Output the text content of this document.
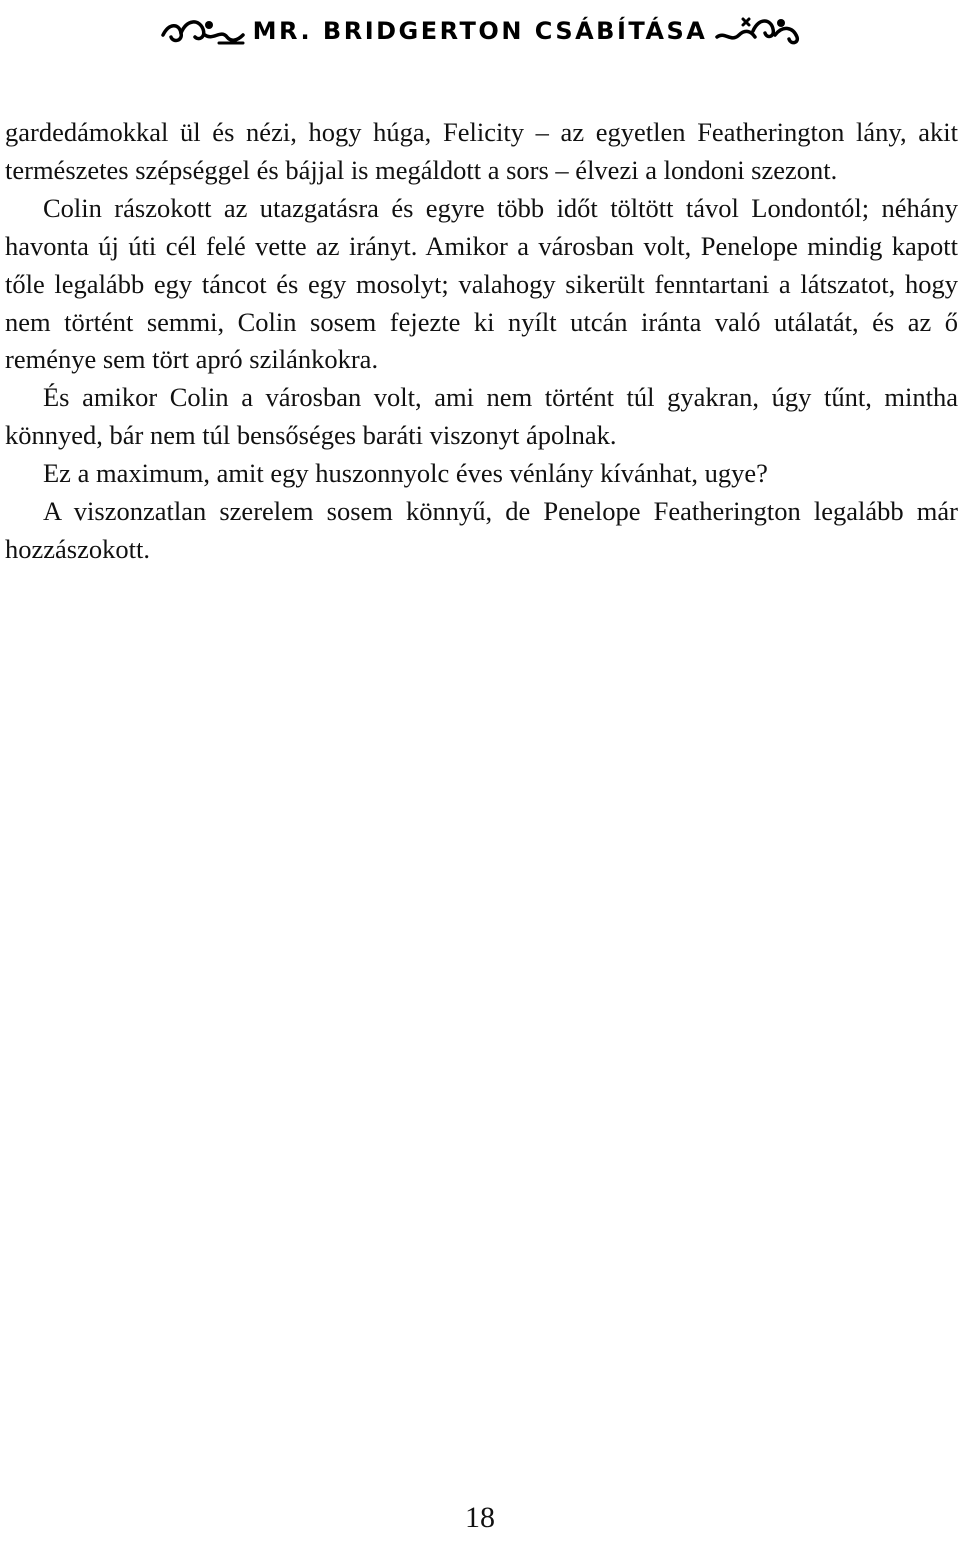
MR. BRIDGERTON CSÁBÍTÁSA

gardedámokkal ül és nézi, hogy húga, Felicity – az egyetlen Featherington lány, akit természetes szépséggel és bájjal is megáldott a sors – élvezi a londoni szezont.

Colin rászokott az utazgatásra és egyre több időt töltött távol Londontól; néhány havonta új úti cél felé vette az irányt. Amikor a városban volt, Penelope mindig kapott tőle legalább egy táncot és egy mosolyt; valahogy sikerült fenntartani a látszatot, hogy nem történt semmi, Colin sosem fejezte ki nyílt utcán iránta való utálatát, és az ő reménye sem tört apró szilánkokra.

És amikor Colin a városban volt, ami nem történt túl gyakran, úgy tűnt, mintha könnyed, bár nem túl bensőséges baráti viszonyt ápolnak.

Ez a maximum, amit egy huszonnyolc éves vénlány kívánhat, ugye?

A viszonzatlan szerelem sosem könnyű, de Penelope Featherington legalább már hozzászokott.

18
